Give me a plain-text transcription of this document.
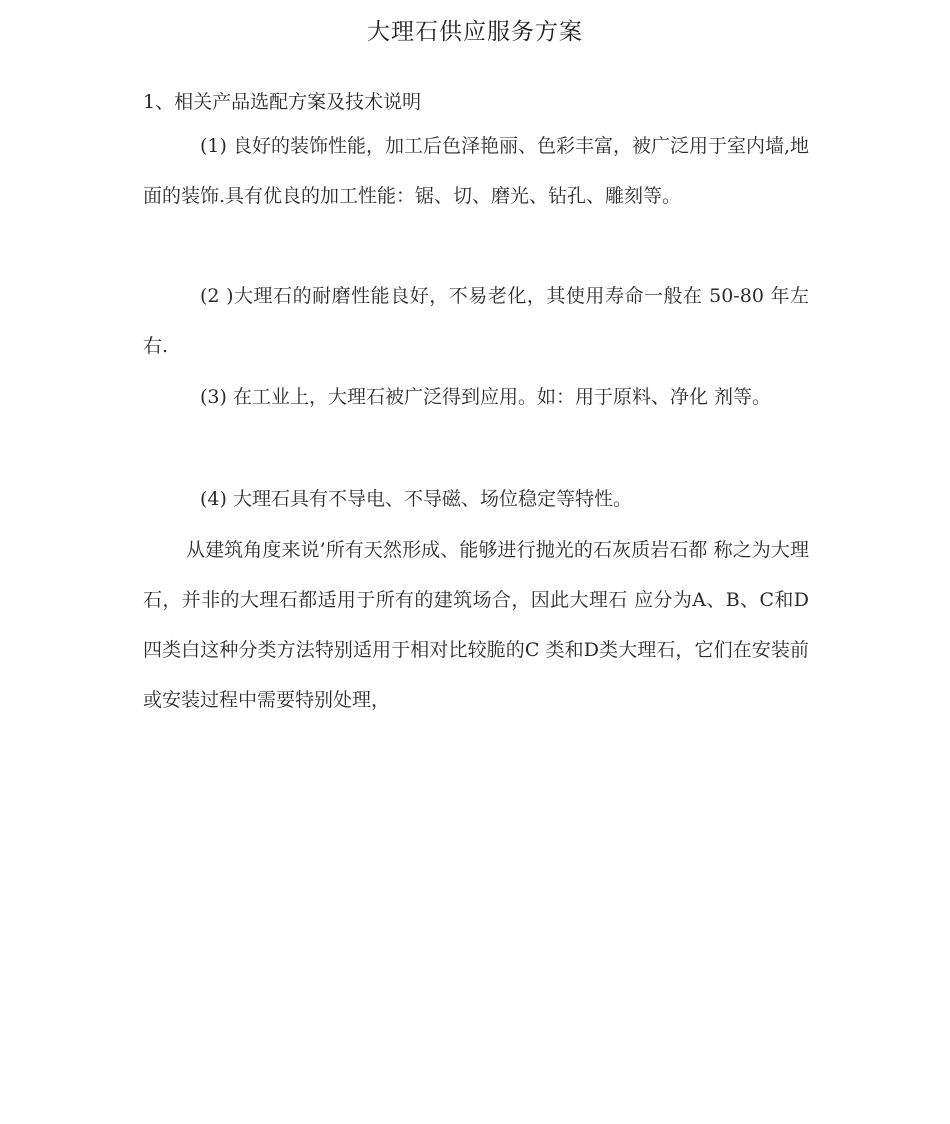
大理石供应服务方案
1、相关产品选配方案及技术说明
(1) 良好的装饰性能，加工后色泽艳丽、色彩丰富，被广泛用于室内墙,地面的装饰.具有优良的加工性能：锯、切、磨光、钻孔、雕刻等。
(2 )大理石的耐磨性能良好，不易老化，其使用寿命一般在 50-80 年左右.
(3) 在工业上，大理石被广泛得到应用。如：用于原料、净化 剂等。
(4) 大理石具有不导电、不导磁、场位稳定等特性。
从建筑角度来说’所有天然形成、能够进行抛光的石灰质岩石都 称之为大理石，并非的大理石都适用于所有的建筑场合，因此大理石 应分为A、B、C和D四类白这种分类方法特别适用于相对比较脆的C 类和D类大理石，它们在安装前或安装过程中需要特别处理，
